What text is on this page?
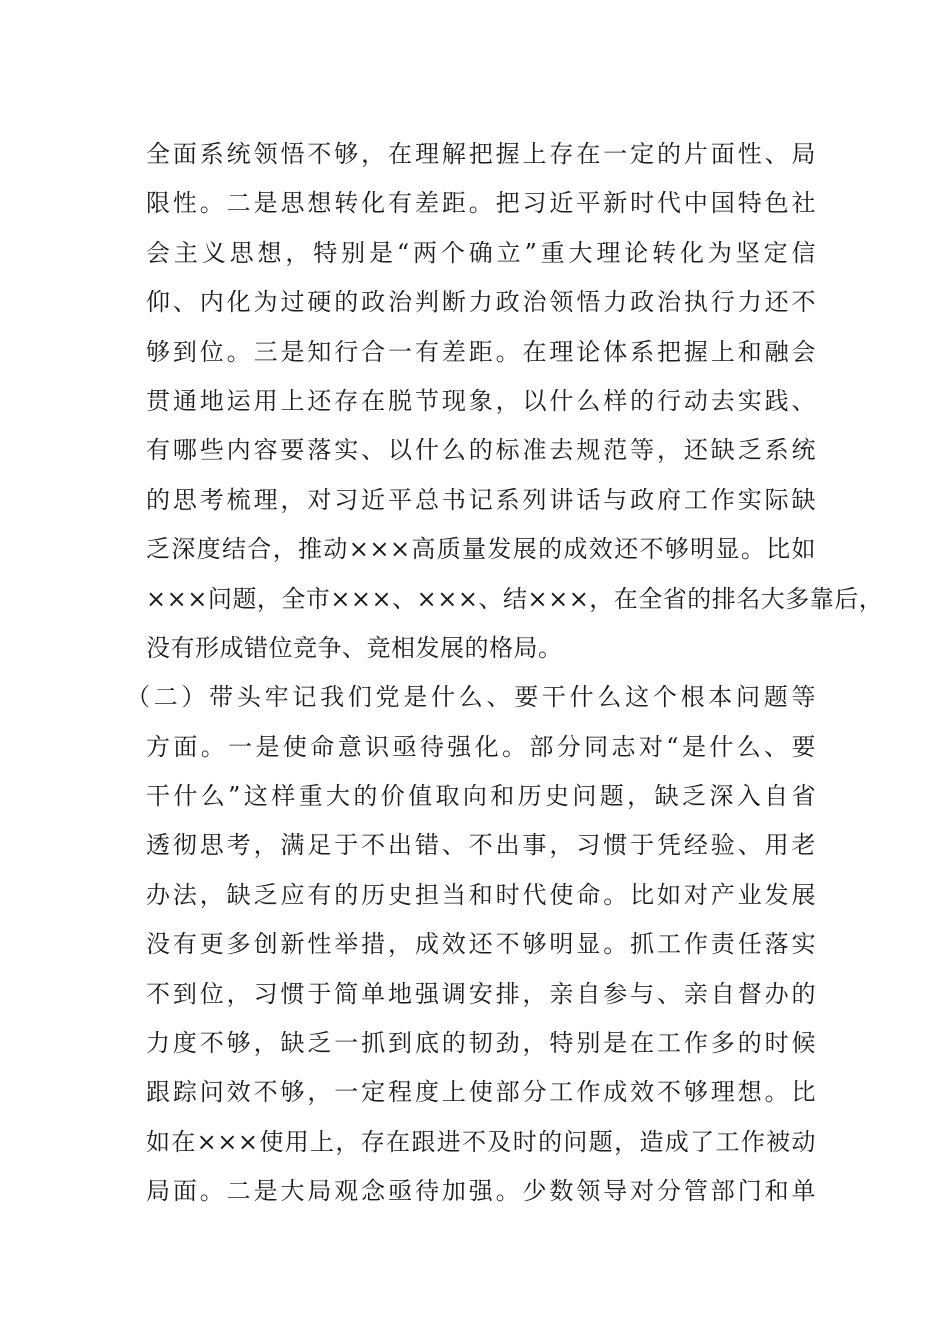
全面系统领悟不够，在理解把握上存在一定的片面性、局
限性。二是思想转化有差距。把习近平新时代中国特色社
会主义思想，特别是“两个确立”重大理论转化为坚定信
仰、内化为过硬的政治判断力政治领悟力政治执行力还不
够到位。三是知行合一有差距。在理论体系把握上和融会
贯通地运用上还存在脱节现象，以什么样的行动去实践、
有哪些内容要落实、以什么的标准去规范等，还缺乏系统
的思考梳理，对习近平总书记系列讲话与政府工作实际缺
乏深度结合，推动×××高质量发展的成效还不够明显。比如
×××问题，全市×××、×××、结×××，在全省的排名大多靠后，
没有形成错位竞争、竞相发展的格局。
（二）带头牢记我们党是什么、要干什么这个根本问题等
方面。一是使命意识亟待强化。部分同志对“是什么、要
干什么”这样重大的价值取向和历史问题，缺乏深入自省
透彻思考，满足于不出错、不出事，习惯于凭经验、用老
办法，缺乏应有的历史担当和时代使命。比如对产业发展
没有更多创新性举措，成效还不够明显。抓工作责任落实
不到位，习惯于简单地强调安排，亲自参与、亲自督办的
力度不够，缺乏一抓到底的韧劲，特别是在工作多的时候
跟踪问效不够，一定程度上使部分工作成效不够理想。比
如在×××使用上，存在跟进不及时的问题，造成了工作被动
局面。二是大局观念亟待加强。少数领导对分管部门和单
